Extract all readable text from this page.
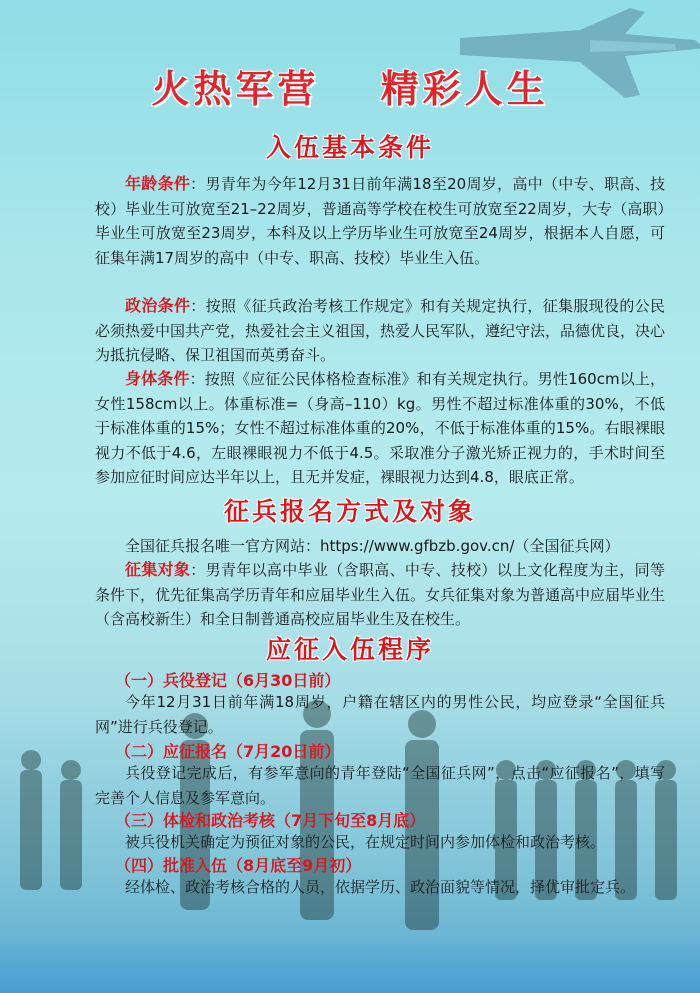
火热军营 精彩人生
入伍基本条件
年龄条件：男青年为今年12月31日前年满18至20周岁，高中（中专、职高、技校）毕业生可放宽至21–22周岁，普通高等学校在校生可放宽至22周岁，大专（高职）毕业生可放宽至23周岁，本科及以上学历毕业生可放宽至24周岁，根据本人自愿，可征集年满17周岁的高中（中专、职高、技校）毕业生入伍。
政治条件：按照《征兵政治考核工作规定》和有关规定执行，征集服现役的公民必须热爱中国共产党，热爱社会主义祖国，热爱人民军队，遵纪守法，品德优良，决心为抵抗侵略、保卫祖国而英勇奋斗。
身体条件：按照《应征公民体格检查标准》和有关规定执行。男性160cm以上，女性158cm以上。体重标准=（身高–110）kg。男性不超过标准体重的30%，不低于标准体重的15%；女性不超过标准体重的20%，不低于标准体重的15%。右眼裸眼视力不低于4.6，左眼裸眼视力不低于4.5。采取准分子激光矫正视力的，手术时间至参加应征时间应达半年以上，且无并发症，裸眼视力达到4.8，眼底正常。
征兵报名方式及对象
全国征兵报名唯一官方网站：https://www.gfbzb.gov.cn/（全国征兵网）
征集对象：男青年以高中毕业（含职高、中专、技校）以上文化程度为主，同等条件下，优先征集高学历青年和应届毕业生入伍。女兵征集对象为普通高中应届毕业生（含高校新生）和全日制普通高校应届毕业生及在校生。
应征入伍程序
（一）兵役登记（6月30日前）
今年12月31日前年满18周岁，户籍在辖区内的男性公民，均应登录“全国征兵网”进行兵役登记。
（二）应征报名（7月20日前）
兵役登记完成后，有参军意向的青年登陆“全国征兵网”，点击“应征报名”，填写完善个人信息及参军意向。
（三）体检和政治考核（7月下旬至8月底）
被兵役机关确定为预征对象的公民，在规定时间内参加体检和政治考核。
（四）批准入伍（8月底至9月初）
经体检、政治考核合格的人员，依据学历、政治面貌等情况，择优审批定兵。
